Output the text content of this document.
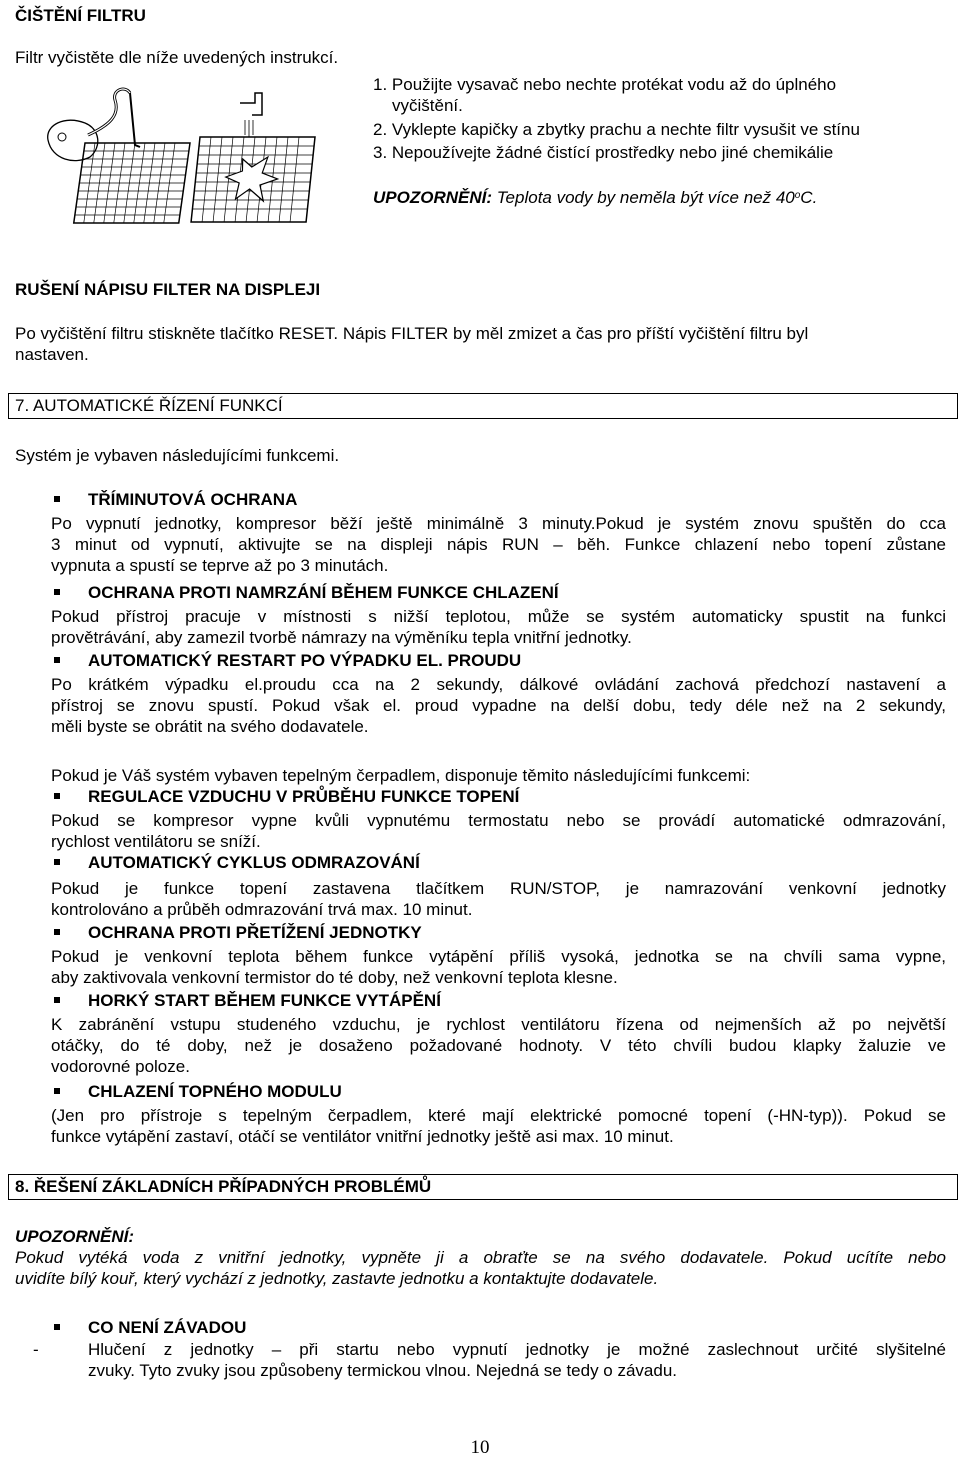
ČIŠTĚNÍ FILTRU
Filtr vyčistěte dle níže uvedených instrukcí.
1. Použijte vysavač nebo nechte protékat vodu až do úplného
vyčištění.
2. Vyklepte kapičky a zbytky prachu a nechte filtr vysušit ve stínu
3. Nepoužívejte žádné čistící prostředky nebo jiné chemikálie
UPOZORNĚNÍ: Teplota vody by neměla být více než 40$^o$C.
RUŠENÍ NÁPISU FILTER NA DISPLEJI
Po vyčištění filtru stiskněte tlačítko RESET. Nápis FILTER by měl zmizet a čas pro příští vyčištění filtru byl
nastaven.
7. AUTOMATICKÉ ŘÍZENÍ FUNKCÍ
Systém je vybaven následujícími funkcemi.
TŘÍMINUTOVÁ OCHRANA
Po vypnutí jednotky, kompresor běží ještě minimálně 3 minuty.Pokud je systém znovu spuštěn do cca
3 minut od vypnutí, aktivujte se na displeji nápis RUN – běh. Funkce chlazení nebo topení zůstane
vypnuta a spustí se teprve až po 3 minutách.
OCHRANA PROTI NAMRZÁNÍ BĚHEM FUNKCE CHLAZENÍ
Pokud přístroj pracuje v místnosti s nižší teplotou, může se systém automaticky spustit na funkci
provětrávání, aby zamezil tvorbě námrazy na výměníku tepla vnitřní jednotky.
AUTOMATICKÝ RESTART PO VÝPADKU EL. PROUDU
Po krátkém výpadku el.proudu cca na 2 sekundy, dálkové ovládání zachová předchozí nastavení a
přístroj se znovu spustí. Pokud však el. proud vypadne na delší dobu, tedy déle než na 2 sekundy,
měli byste se obrátit na svého dodavatele.
Pokud je Váš systém vybaven tepelným čerpadlem, disponuje těmito následujícími funkcemi:
REGULACE VZDUCHU V PRŮBĚHU FUNKCE TOPENÍ
Pokud se kompresor vypne kvůli vypnutému termostatu nebo se provádí automatické odmrazování,
rychlost ventilátoru se sníží.
AUTOMATICKÝ CYKLUS ODMRAZOVÁNÍ
Pokud je funkce topení zastavena tlačítkem RUN/STOP, je namrazování venkovní jednotky
kontrolováno a průběh odmrazování trvá max. 10 minut.
OCHRANA PROTI PŘETÍŽENÍ JEDNOTKY
Pokud je venkovní teplota během funkce vytápění příliš vysoká, jednotka se na chvíli sama vypne,
aby zaktivovala venkovní termistor do té doby, než venkovní teplota klesne.
HORKÝ START BĚHEM FUNKCE VYTÁPĚNÍ
K zabránění vstupu studeného vzduchu, je rychlost ventilátoru řízena od nejmenších až po největší
otáčky, do té doby, než je dosaženo požadované hodnoty. V této chvíli budou klapky žaluzie ve
vodorovné poloze.
CHLAZENÍ TOPNÉHO MODULU
(Jen pro přístroje s tepelným čerpadlem, které mají elektrické pomocné topení (-HN-typ)). Pokud se
funkce vytápění zastaví, otáčí se ventilátor vnitřní jednotky ještě asi max. 10 minut.
8. ŘEŠENÍ ZÁKLADNÍCH PŘÍPADNÝCH PROBLÉMŮ
UPOZORNĚNÍ:
Pokud vytéká voda z vnitřní jednotky, vypněte ji a obraťte se na svého dodavatele. Pokud ucítíte nebo
uvidíte bílý kouř, který vychází z jednotky, zastavte jednotku a kontaktujte dodavatele.
CO NENÍ ZÁVADOU
-	Hlučení z jednotky – při startu nebo vypnutí jednotky je možné zaslechnout určité slyšitelné
zvuky. Tyto zvuky jsou způsobeny termickou vlnou. Nejedná se tedy o závadu.
10
